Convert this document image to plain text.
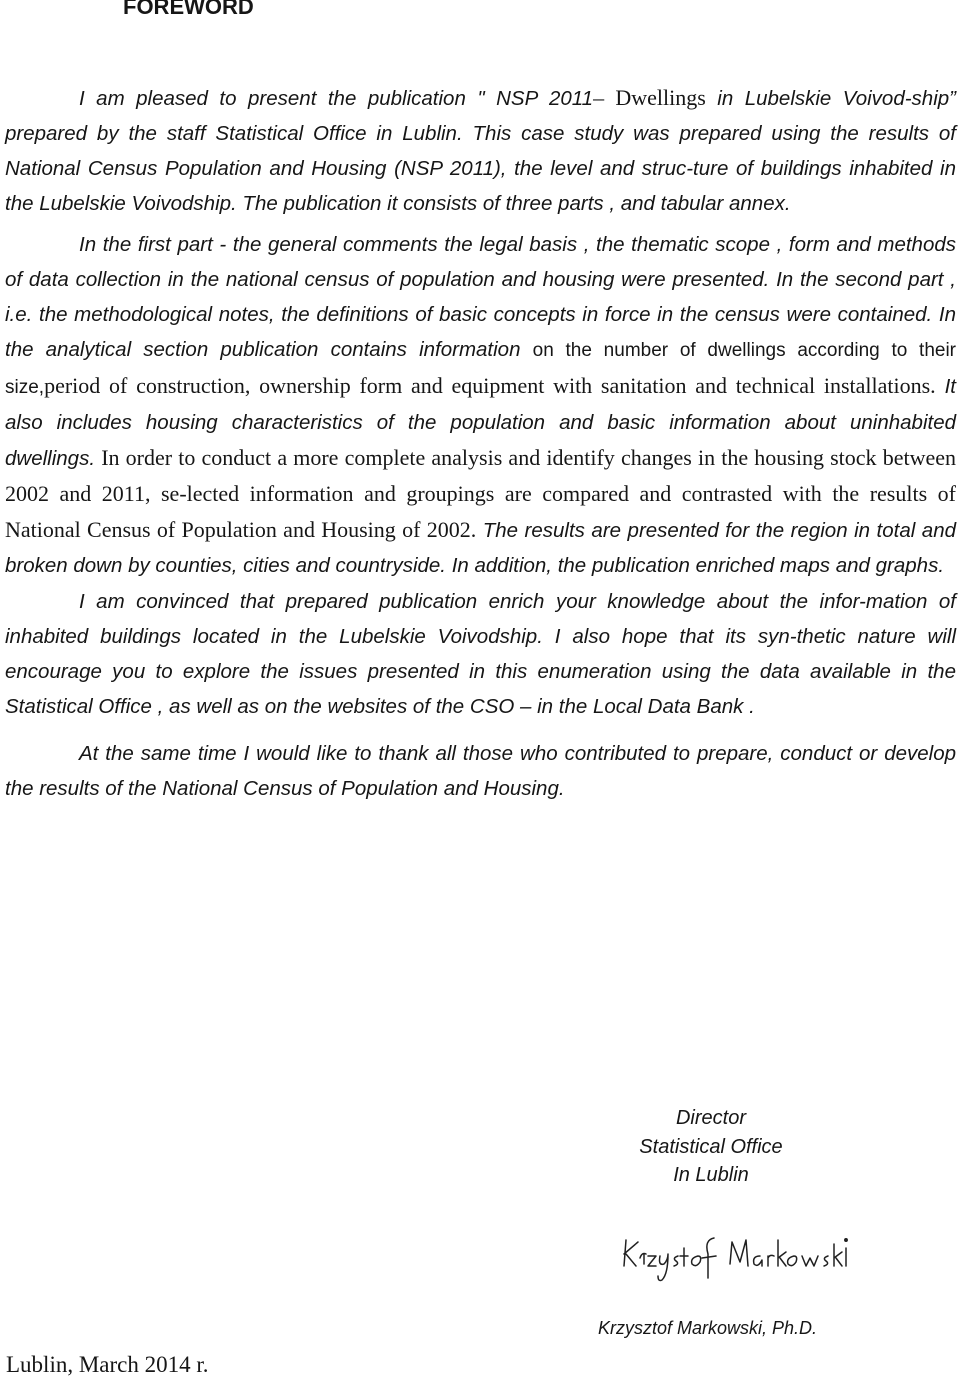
FOREWORD

I am pleased to present the publication " NSP 2011– Dwellings in Lubelskie Voivod-ship” prepared by the staff Statistical Office in Lublin. This case study was prepared using the results of National Census Population and Housing (NSP 2011), the level and struc-ture of buildings inhabited in the Lubelskie Voivodship. The publication it consists of three parts , and tabular annex.

In the first part - the general comments the legal basis , the thematic scope , form and methods of data collection in the national census of population and housing were presented. In the second part , i.e. the methodological notes, the definitions of basic concepts in force in the census were contained. In the analytical section publication contains information on the number of dwellings according to their size,period of construction, ownership form and equipment with sanitation and technical installations. It also includes housing characteristics of the population and basic information about uninhabited dwellings. In order to conduct a more complete analysis and identify changes in the housing stock between 2002 and 2011, se-lected information and groupings are compared and contrasted with the results of National Census of Population and Housing of 2002. The results are presented for the region in total and broken down by counties, cities and countryside. In addition, the publication enriched maps and graphs.

I am convinced that prepared publication enrich your knowledge about the infor-mation of inhabited buildings located in the Lubelskie Voivodship. I also hope that its syn-thetic nature will encourage you to explore the issues presented in this enumeration using the data available in the Statistical Office , as well as on the websites of the CSO – in the Local Data Bank .

At the same time I would like to thank all those who contributed to prepare, conduct or develop the results of the National Census of Population and Housing.

Director
Statistical Office
In Lublin
Krzysztof Markowski, Ph.D.
Lublin, March 2014 r.
